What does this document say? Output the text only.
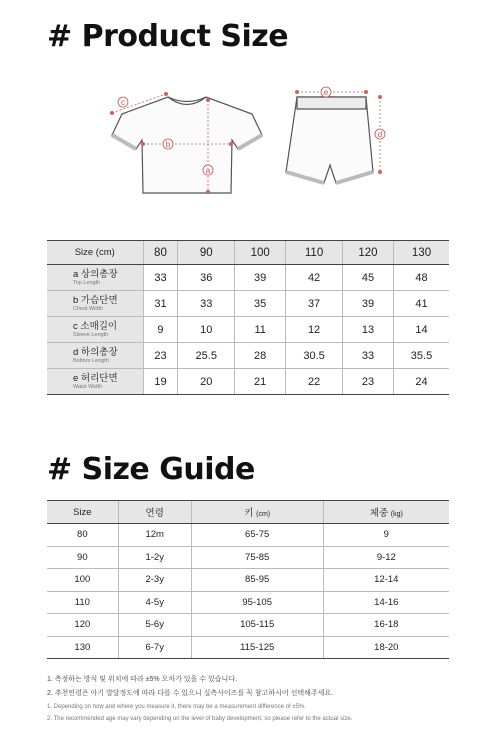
# Product Size
c
b
a
e
d
Size (cm)	80	90	100	110	120	130

a 상의총장
Top Length	33	36	39	42	45	48

b 가슴단면
Chest Width	31	33	35	37	39	41

c 소매길이
Sleeve Length	9	10	11	12	13	14

d 하의총장
Bottom Length	23	25.5	28	30.5	33	35.5

e 허리단면
Waist Width	19	20	21	22	23	24
# Size Guide
Size	연령	키 (cm)	체중 (kg)
80	12m	65-75	9
90	1-2y	75-85	9-12
100	2-3y	85-95	12-14
110	4-5y	95-105	14-16
120	5-6y	105-115	16-18
130	6-7y	115-125	18-20
1. 측정하는 방식 및 위치에 따라 ±5% 오차가 있을 수 있습니다.
2. 추천연령은 아기 발달정도에 따라 다를 수 있으니 실측사이즈를 꼭 참고하시어 선택해주세요.
1. Depending on how and where you measure it, there may be a measurement difference of ±5%.
2. The recommended age may vary depending on the level of baby development, so please refer to the actual size.
